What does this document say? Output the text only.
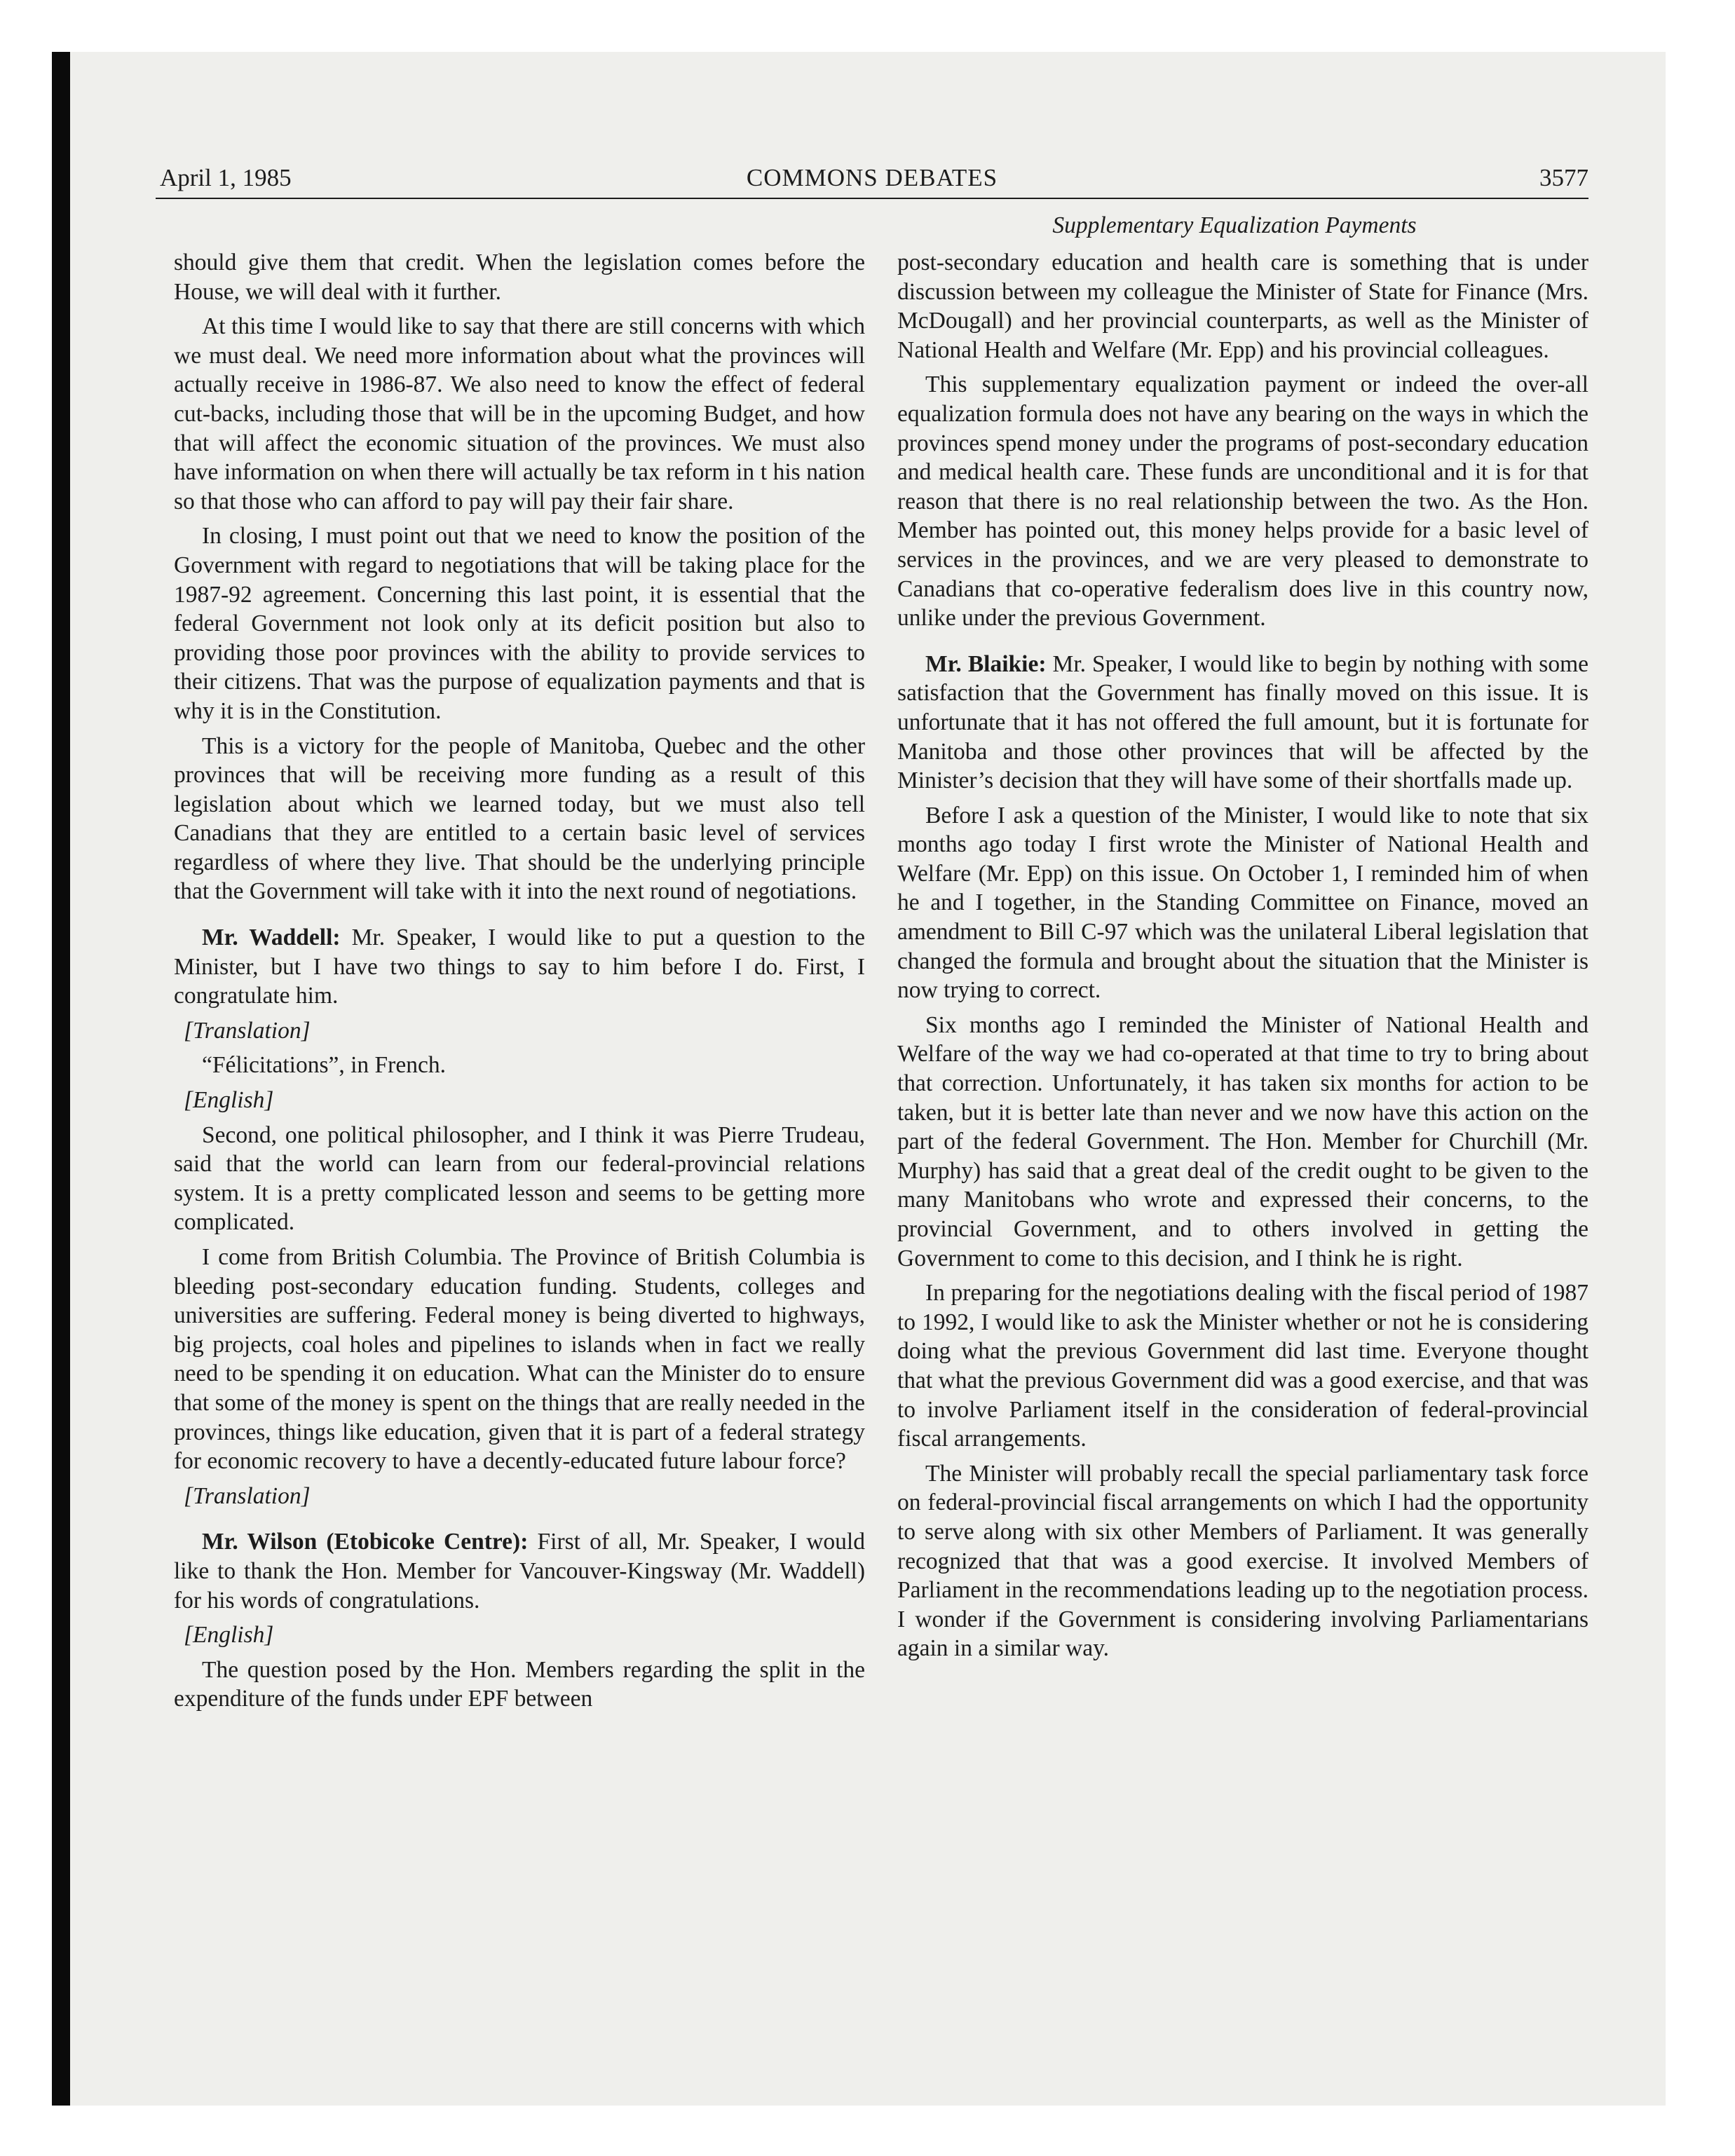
April 1, 1985	COMMONS DEBATES	3577
Supplementary Equalization Payments

should give them that credit. When the legislation comes before the House, we will deal with it further.

At this time I would like to say that there are still concerns with which we must deal. We need more information about what the provinces will actually receive in 1986-87. We also need to know the effect of federal cut-backs, including those that will be in the upcoming Budget, and how that will affect the economic situation of the provinces. We must also have information on when there will actually be tax reform in t his nation so that those who can afford to pay will pay their fair share.

In closing, I must point out that we need to know the position of the Government with regard to negotiations that will be taking place for the 1987-92 agreement. Concerning this last point, it is essential that the federal Government not look only at its deficit position but also to providing those poor provinces with the ability to provide services to their citizens. That was the purpose of equalization payments and that is why it is in the Constitution.

This is a victory for the people of Manitoba, Quebec and the other provinces that will be receiving more funding as a result of this legislation about which we learned today, but we must also tell Canadians that they are entitled to a certain basic level of services regardless of where they live. That should be the underlying principle that the Government will take with it into the next round of negotiations.

Mr. Waddell: Mr. Speaker, I would like to put a question to the Minister, but I have two things to say to him before I do. First, I congratulate him.

[Translation]

“Félicitations”, in French.

[English]

Second, one political philosopher, and I think it was Pierre Trudeau, said that the world can learn from our federal-provincial relations system. It is a pretty complicated lesson and seems to be getting more complicated.

I come from British Columbia. The Province of British Columbia is bleeding post-secondary education funding. Students, colleges and universities are suffering. Federal money is being diverted to highways, big projects, coal holes and pipelines to islands when in fact we really need to be spending it on education. What can the Minister do to ensure that some of the money is spent on the things that are really needed in the provinces, things like education, given that it is part of a federal strategy for economic recovery to have a decently-educated future labour force?

[Translation]

Mr. Wilson (Etobicoke Centre): First of all, Mr. Speaker, I would like to thank the Hon. Member for Vancouver-Kingsway (Mr. Waddell) for his words of congratulations.

[English]

The question posed by the Hon. Members regarding the split in the expenditure of the funds under EPF between

post-secondary education and health care is something that is under discussion between my colleague the Minister of State for Finance (Mrs. McDougall) and her provincial counterparts, as well as the Minister of National Health and Welfare (Mr. Epp) and his provincial colleagues.

This supplementary equalization payment or indeed the over-all equalization formula does not have any bearing on the ways in which the provinces spend money under the programs of post-secondary education and medical health care. These funds are unconditional and it is for that reason that there is no real relationship between the two. As the Hon. Member has pointed out, this money helps provide for a basic level of services in the provinces, and we are very pleased to demonstrate to Canadians that co-operative federalism does live in this country now, unlike under the previous Government.

Mr. Blaikie: Mr. Speaker, I would like to begin by nothing with some satisfaction that the Government has finally moved on this issue. It is unfortunate that it has not offered the full amount, but it is fortunate for Manitoba and those other provinces that will be affected by the Minister’s decision that they will have some of their shortfalls made up.

Before I ask a question of the Minister, I would like to note that six months ago today I first wrote the Minister of National Health and Welfare (Mr. Epp) on this issue. On October 1, I reminded him of when he and I together, in the Standing Committee on Finance, moved an amendment to Bill C-97 which was the unilateral Liberal legislation that changed the formula and brought about the situation that the Minister is now trying to correct.

Six months ago I reminded the Minister of National Health and Welfare of the way we had co-operated at that time to try to bring about that correction. Unfortunately, it has taken six months for action to be taken, but it is better late than never and we now have this action on the part of the federal Government. The Hon. Member for Churchill (Mr. Murphy) has said that a great deal of the credit ought to be given to the many Manitobans who wrote and expressed their concerns, to the provincial Government, and to others involved in getting the Government to come to this decision, and I think he is right.

In preparing for the negotiations dealing with the fiscal period of 1987 to 1992, I would like to ask the Minister whether or not he is considering doing what the previous Government did last time. Everyone thought that what the previous Government did was a good exercise, and that was to involve Parliament itself in the consideration of federal-provincial fiscal arrangements.

The Minister will probably recall the special parliamentary task force on federal-provincial fiscal arrangements on which I had the opportunity to serve along with six other Members of Parliament. It was generally recognized that that was a good exercise. It involved Members of Parliament in the recommendations leading up to the negotiation process. I wonder if the Government is considering involving Parliamentarians again in a similar way.
